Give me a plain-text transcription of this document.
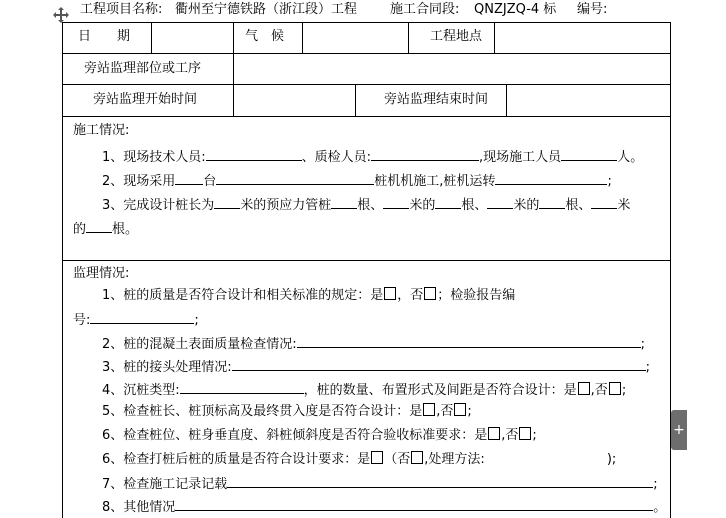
工程项目名称: 衢州至宁德铁路（浙江段）工程	施工合同段: QNZJZQ-4 标 编号:
日　　期	气　候	工程地点
旁站监理部位或工序
旁站监理开始时间	旁站监理结束时间
施工情况:
1、现场技术人员:	、质检人员:	,现场施工人员	人。
2、现场采用 台	桩机机施工,桩机运转	;
3、完成设计桩长为 米的预应力管桩 根、 米的 根、 米的 根、 米
的 根。
监理情况:
1、桩的质量是否符合设计和相关标准的规定：是 ，否 ；检验报告编
号:	;
2、桩的混凝土表面质量检查情况:	;
3、桩的接头处理情况:	;
4、沉桩类型:	，桩的数量、布置形式及间距是否符合设计：是 ,否 ;
5、检查桩长、桩顶标高及最终贯入度是否符合设计：是 ,否 ;
6、检查桩位、桩身垂直度、斜桩倾斜度是否符合验收标准要求：是 ,否 ;
6、检查打桩后桩的质量是否符合设计要求：是 （否 ,处理方法:	);
7、检查施工记录记载	;
8、其他情况	。
+
